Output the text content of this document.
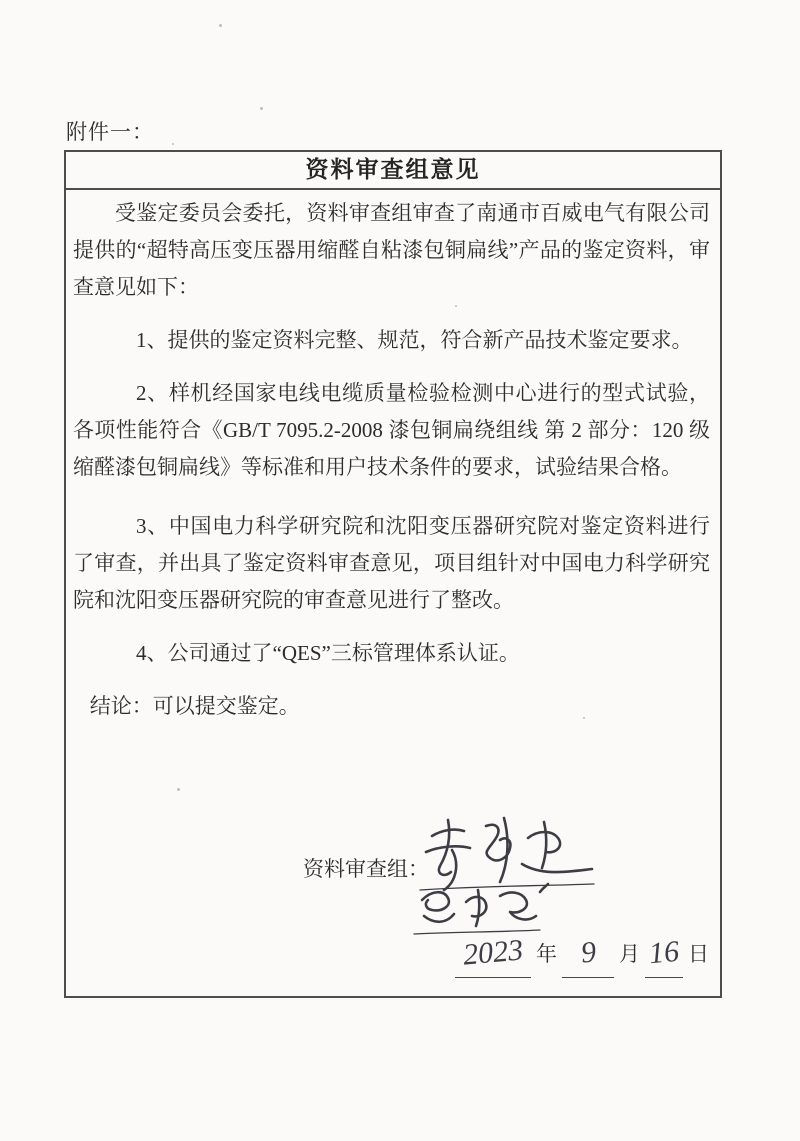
附件一：
资料审查组意见

受鉴定委员会委托，资料审查组审查了南通市百威电气有限公司提供的“超特高压变压器用缩醛自粘漆包铜扁线”产品的鉴定资料，审查意见如下：

1、提供的鉴定资料完整、规范，符合新产品技术鉴定要求。

2、样机经国家电线电缆质量检验检测中心进行的型式试验，各项性能符合《GB/T 7095.2-2008 漆包铜扁绕组线 第 2 部分：120 级缩醛漆包铜扁线》等标准和用户技术条件的要求，试验结果合格。

3、中国电力科学研究院和沈阳变压器研究院对鉴定资料进行了审查，并出具了鉴定资料审查意见，项目组针对中国电力科学研究院和沈阳变压器研究院的审查意见进行了整改。

4、公司通过了“QES”三标管理体系认证。

结论：可以提交鉴定。

资料审查组：
2023 年 9	月 16 日
